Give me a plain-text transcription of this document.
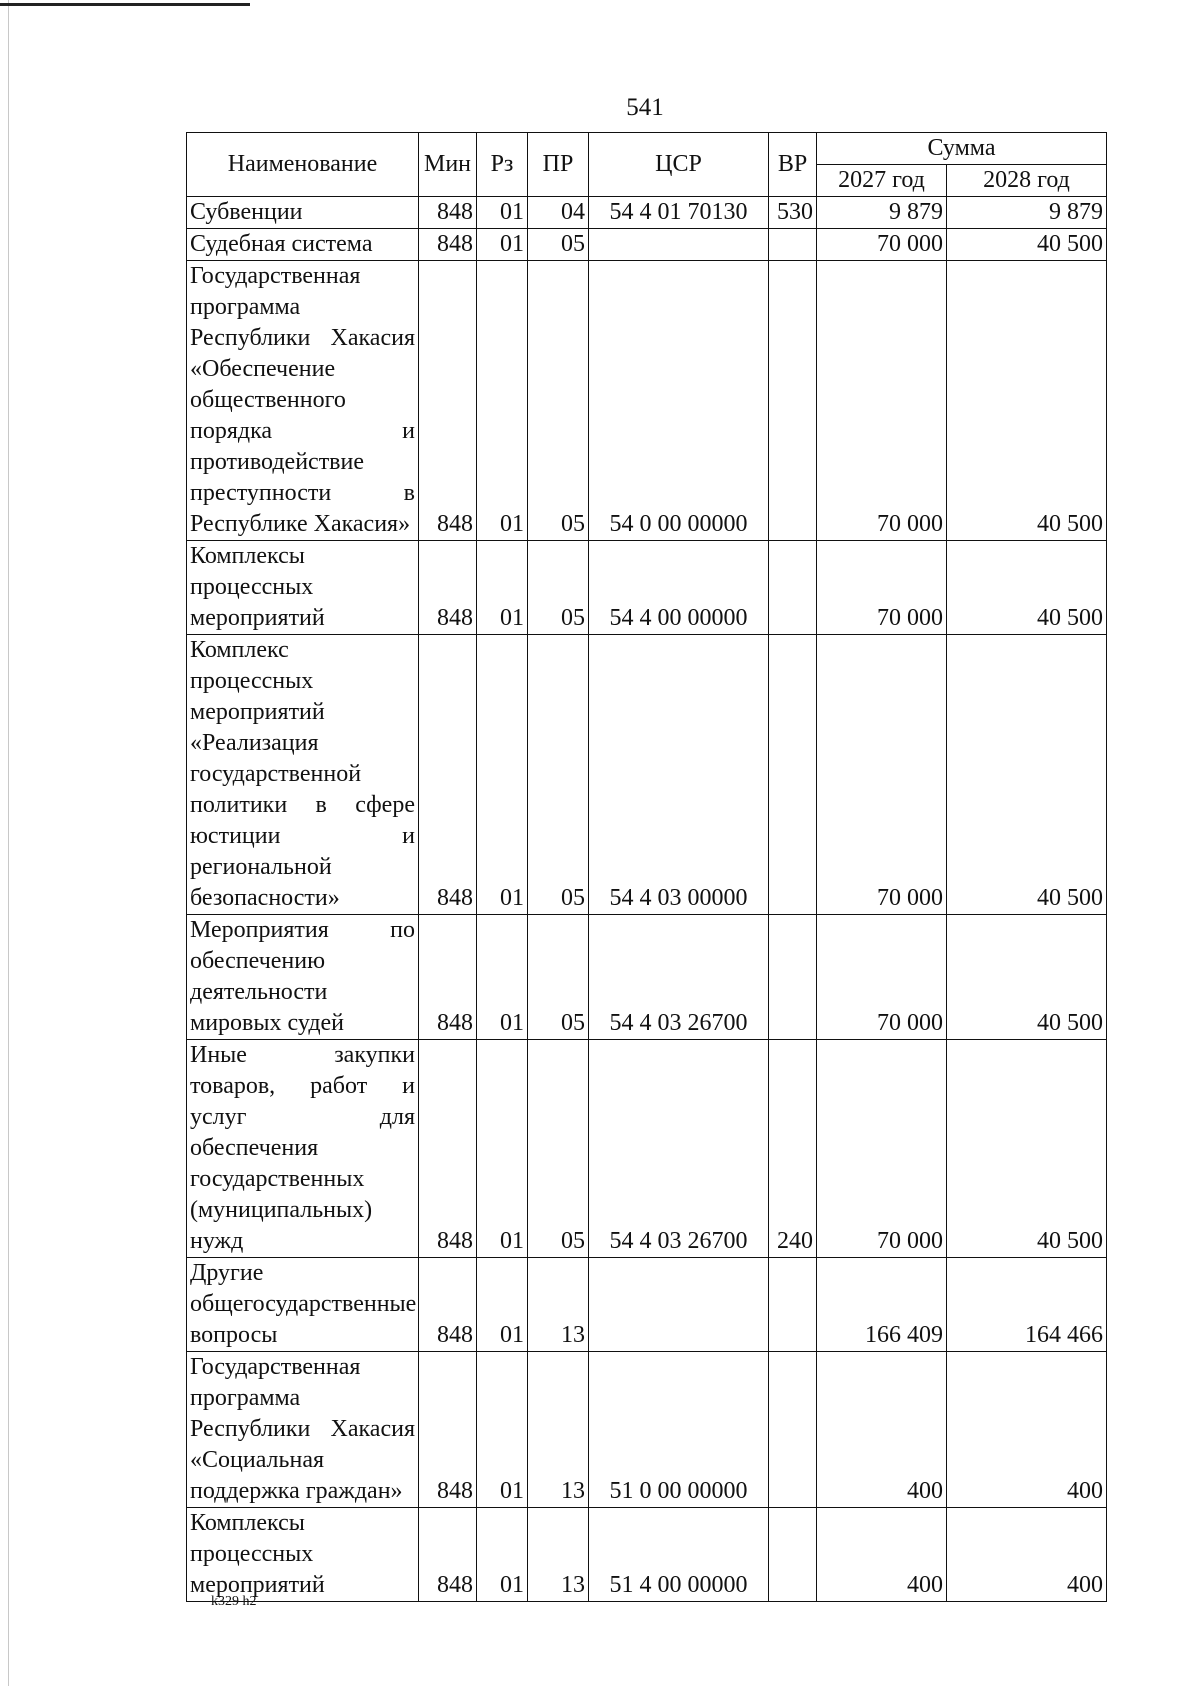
541
Наименование	Мин	Рз	ПР	ЦСР	ВР	Сумма	
						2027 год	2028 год
Субвенции	848	01	04	54 4 01 70130	530	9 879	9 879
Судебная система	848	01	05			70 000	40 500
Государственная программа Республики Хакасия «Обеспечение общественного порядка и противодействие преступности в Республике Хакасия»	848	01	05	54 0 00 00000		70 000	40 500
Комплексы процессных мероприятий	848	01	05	54 4 00 00000		70 000	40 500
Комплекс процессных мероприятий «Реализация государственной политики в сфере юстиции и региональной безопасности»	848	01	05	54 4 03 00000		70 000	40 500
Мероприятия по обеспечению деятельности мировых судей	848	01	05	54 4 03 26700		70 000	40 500
Иные закупки товаров, работ и услуг для обеспечения государственных (муниципальных) нужд	848	01	05	54 4 03 26700	240	70 000	40 500
Другие общегосударственные вопросы	848	01	13			166 409	164 466
Государственная программа Республики Хакасия «Социальная поддержка граждан»	848	01	13	51 0 00 00000		400	400
Комплексы процессных мероприятий	848	01	13	51 4 00 00000		400	400
k329 h2
